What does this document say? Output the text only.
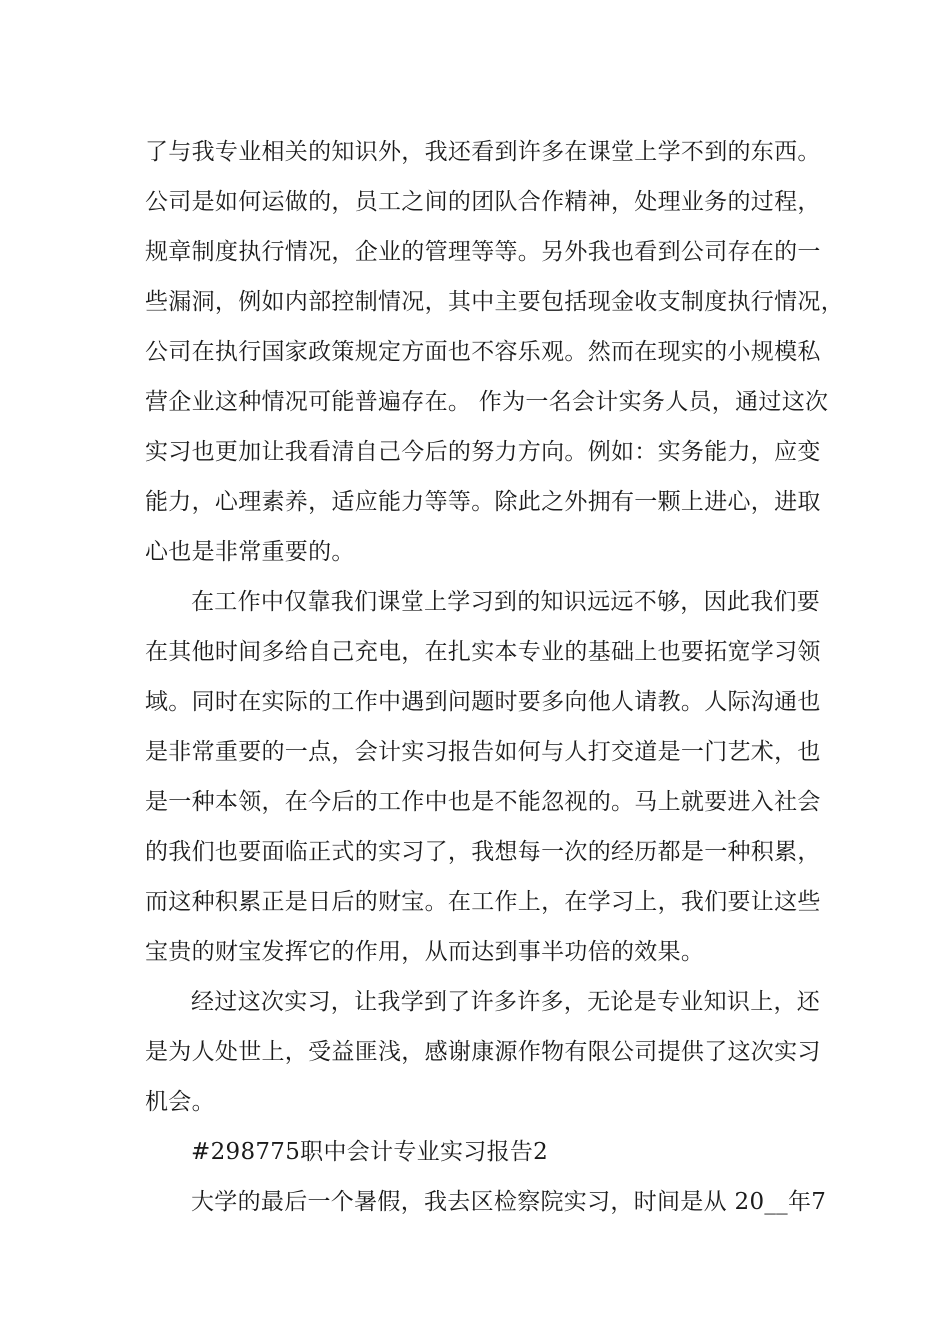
了与我专业相关的知识外，我还看到许多在课堂上学不到的东西。
公司是如何运做的，员工之间的团队合作精神，处理业务的过程，
规章制度执行情况，企业的管理等等。另外我也看到公司存在的一
些漏洞，例如内部控制情况，其中主要包括现金收支制度执行情况，
公司在执行国家政策规定方面也不容乐观。然而在现实的小规模私
营企业这种情况可能普遍存在。 作为一名会计实务人员，通过这次
实习也更加让我看清自己今后的努力方向。例如：实务能力，应变
能力，心理素养，适应能力等等。除此之外拥有一颗上进心，进取
心也是非常重要的。
在工作中仅靠我们课堂上学习到的知识远远不够，因此我们要
在其他时间多给自己充电，在扎实本专业的基础上也要拓宽学习领
域。同时在实际的工作中遇到问题时要多向他人请教。人际沟通也
是非常重要的一点，会计实习报告如何与人打交道是一门艺术，也
是一种本领，在今后的工作中也是不能忽视的。马上就要进入社会
的我们也要面临正式的实习了，我想每一次的经历都是一种积累，
而这种积累正是日后的财宝。在工作上，在学习上，我们要让这些
宝贵的财宝发挥它的作用，从而达到事半功倍的效果。
经过这次实习，让我学到了许多许多，无论是专业知识上，还
是为人处世上，受益匪浅，感谢康源作物有限公司提供了这次实习
机会。
#298775职中会计专业实习报告2
大学的最后一个暑假，我去区检察院实习，时间是从 20__年7
